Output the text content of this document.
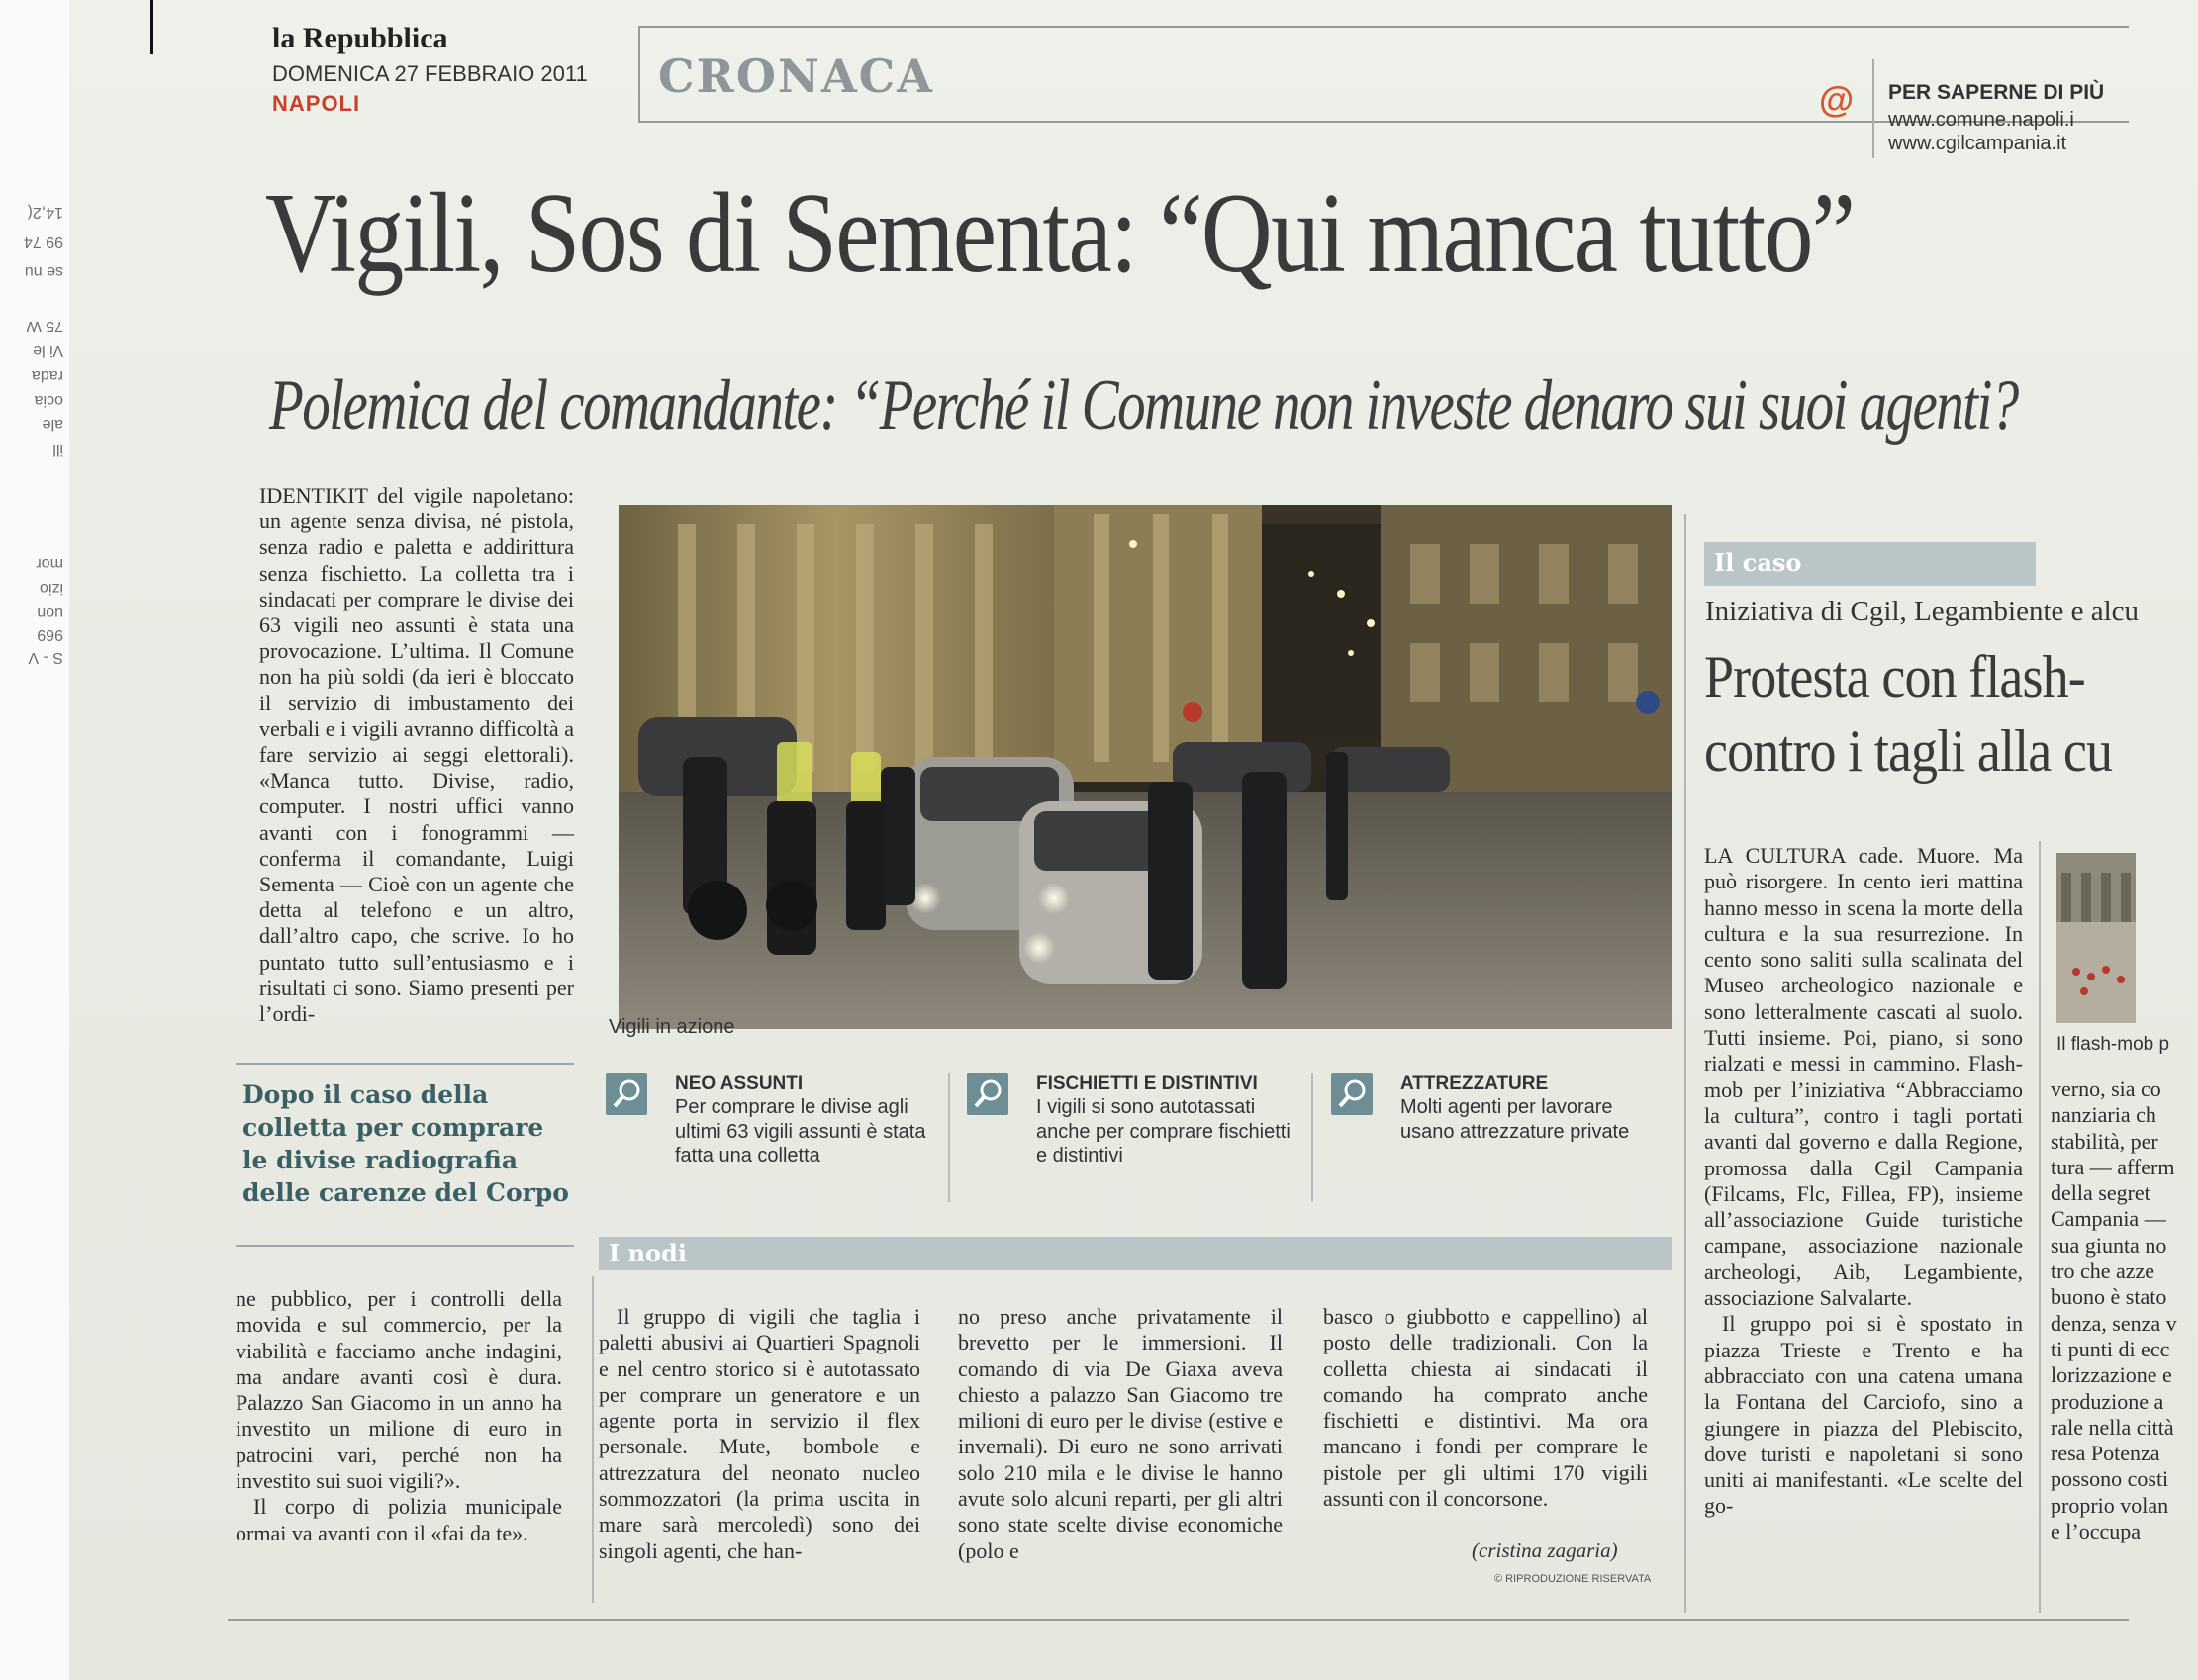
14,2(
99 74
se nu
75 W
Vi le
rada
ocia
ale
ill
mor
izio
uon
969
S - V
la Repubblica
DOMENICA 27 FEBBRAIO 2011
NAPOLI
CRONACA	@ PER SAPERNE DI PIÙ
www.comune.napoli.i
www.cgilcampania.it
Vigili, Sos di Sementa: “Qui manca tutto”
Polemica del comandante: “Perché il Comune non investe denaro sui suoi agenti?

IDENTIKIT del vigile napoletano: un agente senza divisa, né pistola, senza radio e paletta e addirittura senza fischietto. La colletta tra i sindacati per comprare le divise dei 63 vigili neo assunti è stata una provocazione. L’ultima. Il Comune non ha più soldi (da ieri è bloccato il servizio di imbustamento dei verbali e i vigili avranno difficoltà a fare servizio ai seggi elettorali). «Manca tutto. Divise, radio, computer. I nostri uffici vanno avanti con i fonogrammi — conferma il comandante, Luigi Sementa — Cioè con un agente che detta al telefono e un altro, dall’altro capo, che scrive. Io ho puntato tutto sull’entusiasmo e i risultati ci sono. Siamo presenti per l’ordi-

Vigili in azione
Dopo il caso della colletta per comprare le divise radiografia delle carenze del Corpo
NEO ASSUNTI
Per comprare le divise agli ultimi 63 vigili assunti è stata fatta una colletta
FISCHIETTI E DISTINTIVI
I vigili si sono autotassati anche per comprare fischietti e distintivi
ATTREZZATURE
Molti agenti per lavorare usano attrezzature private
I nodi

ne pubblico, per i controlli della movida e sul commercio, per la viabilità e facciamo anche indagini, ma andare avanti così è dura. Palazzo San Giacomo in un anno ha investito un milione di euro in patrocini vari, perché non ha investito sui suoi vigili?».

Il corpo di polizia municipale ormai va avanti con il «fai da te».

Il gruppo di vigili che taglia i paletti abusivi ai Quartieri Spagnoli e nel centro storico si è autotassato per comprare un generatore e un agente porta in servizio il flex personale. Mute, bombole e attrezzatura del neonato nucleo sommozzatori (la prima uscita in mare sarà mercoledì) sono dei singoli agenti, che han-
no preso anche privatamente il brevetto per le immersioni. Il comando di via De Giaxa aveva chiesto a palazzo San Giacomo tre milioni di euro per le divise (estive e invernali). Di euro ne sono arrivati solo 210 mila e le divise le hanno avute solo alcuni reparti, per gli altri sono state scelte divise economiche (polo e
basco o giubbotto e cappellino) al posto delle tradizionali. Con la colletta chiesta ai sindacati il comando ha comprato anche fischietti e distintivi. Ma ora mancano i fondi per comprare le pistole per gli ultimi 170 vigili assunti con il concorsone.
(cristina zagaria)
© RIPRODUZIONE RISERVATA
Il caso
Iniziativa di Cgil, Legambiente e alcu
Protesta con flash-
contro i tagli alla cu

LA CULTURA cade. Muore. Ma può risorgere. In cento ieri mattina hanno messo in scena la morte della cultura e la sua resurrezione. In cento sono saliti sulla scalinata del Museo archeologico nazionale e sono letteralmente cascati al suolo. Tutti insieme. Poi, piano, si sono rialzati e messi in cammino. Flash-mob per l’iniziativa “Abbracciamo la cultura”, contro i tagli portati avanti dal governo e dalla Regione, promossa dalla Cgil Campania (Filcams, Flc, Fillea, FP), insieme all’associazione Guide turistiche campane, associazione nazionale archeologi, Aib, Legambiente, associazione Salvalarte.

Il gruppo poi si è spostato in piazza Trieste e Trento e ha abbracciato con una catena umana la Fontana del Carciofo, sino a giungere in piazza del Plebiscito, dove turisti e napoletani si sono uniti ai manifestanti. «Le scelte del go-

Il flash-mob p
verno, sia co
nanziaria ch
stabilità, per
tura — afferm
della segret
Campania —
sua giunta no
tro che azze
buono è stato
denza, senza v
ti punti di ecc
lorizzazione e
produzione a
rale nella città
resa Potenza
possono costi
proprio volan
e l’occupa
